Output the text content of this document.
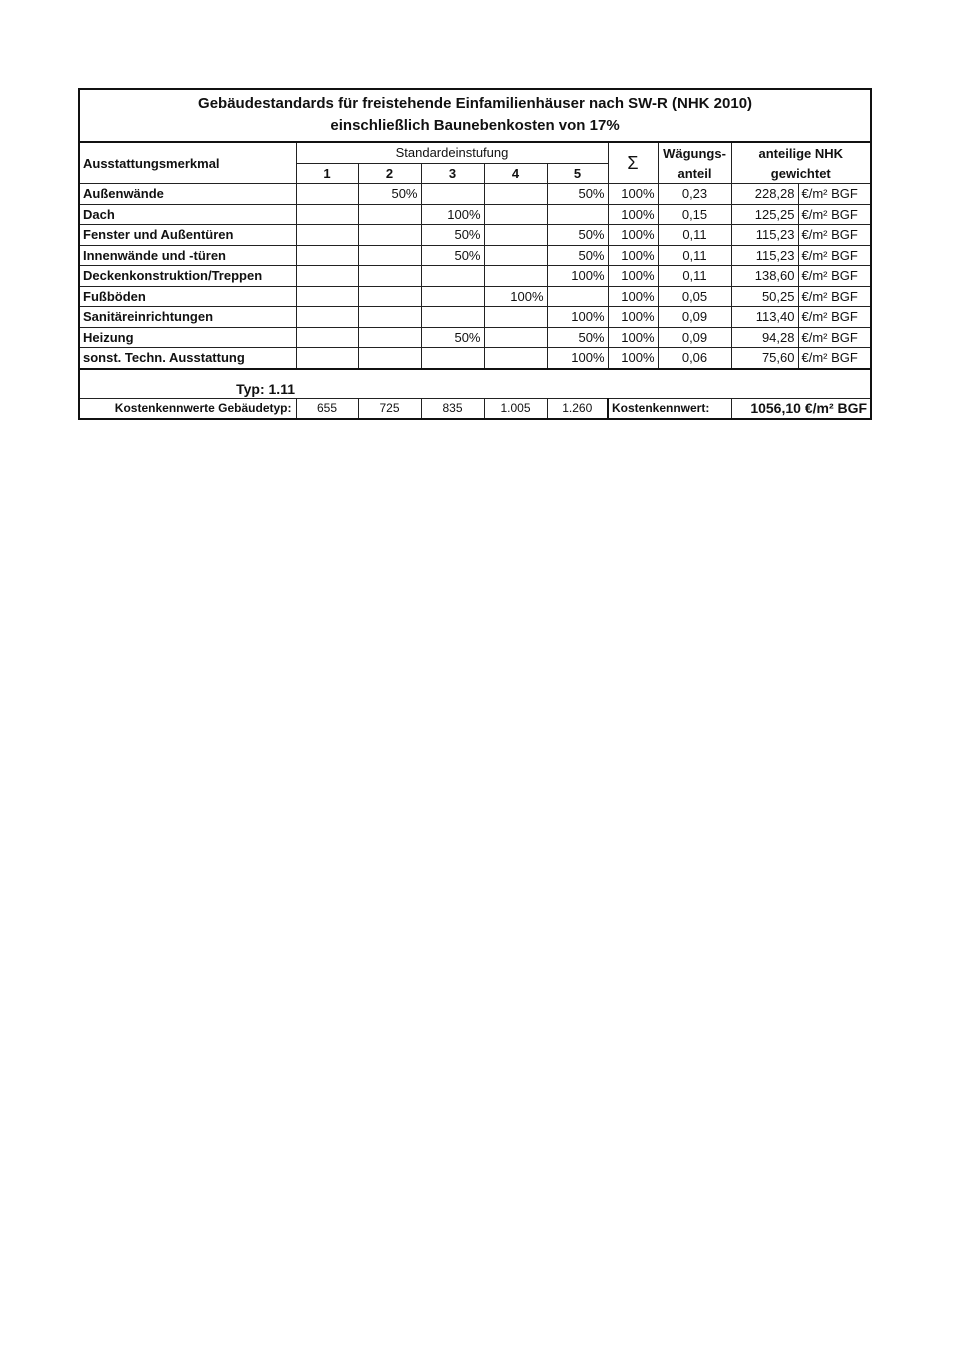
Gebäudestandards für freistehende Einfamilienhäuser nach SW-R (NHK 2010)
einschließlich Baunebenkosten von 17%									

Ausstattungsmerkmal	Standardeinstufung					Σ	Wägungs-	anteilige NHK	
	1	2	3	4	5		anteil	gewichtet	
Außenwände		50%			50%	100%	0,23	228,28	€/m² BGF
Dach			100%			100%	0,15	125,25	€/m² BGF
Fenster und Außentüren			50%		50%	100%	0,11	115,23	€/m² BGF
Innenwände und -türen			50%		50%	100%	0,11	115,23	€/m² BGF
Deckenkonstruktion/Treppen					100%	100%	0,11	138,60	€/m² BGF
Fußböden				100%		100%	0,05	50,25	€/m² BGF
Sanitäreinrichtungen					100%	100%	0,09	113,40	€/m² BGF
Heizung			50%		50%	100%	0,09	94,28	€/m² BGF
sonst. Techn. Ausstattung					100%	100%	0,06	75,60	€/m² BGF
Typ: 1.11									
Kostenkennwerte Gebäudetyp:	655	725	835	1.005	1.260	Kostenkennwert:		1056,10 €/m² BGF	
